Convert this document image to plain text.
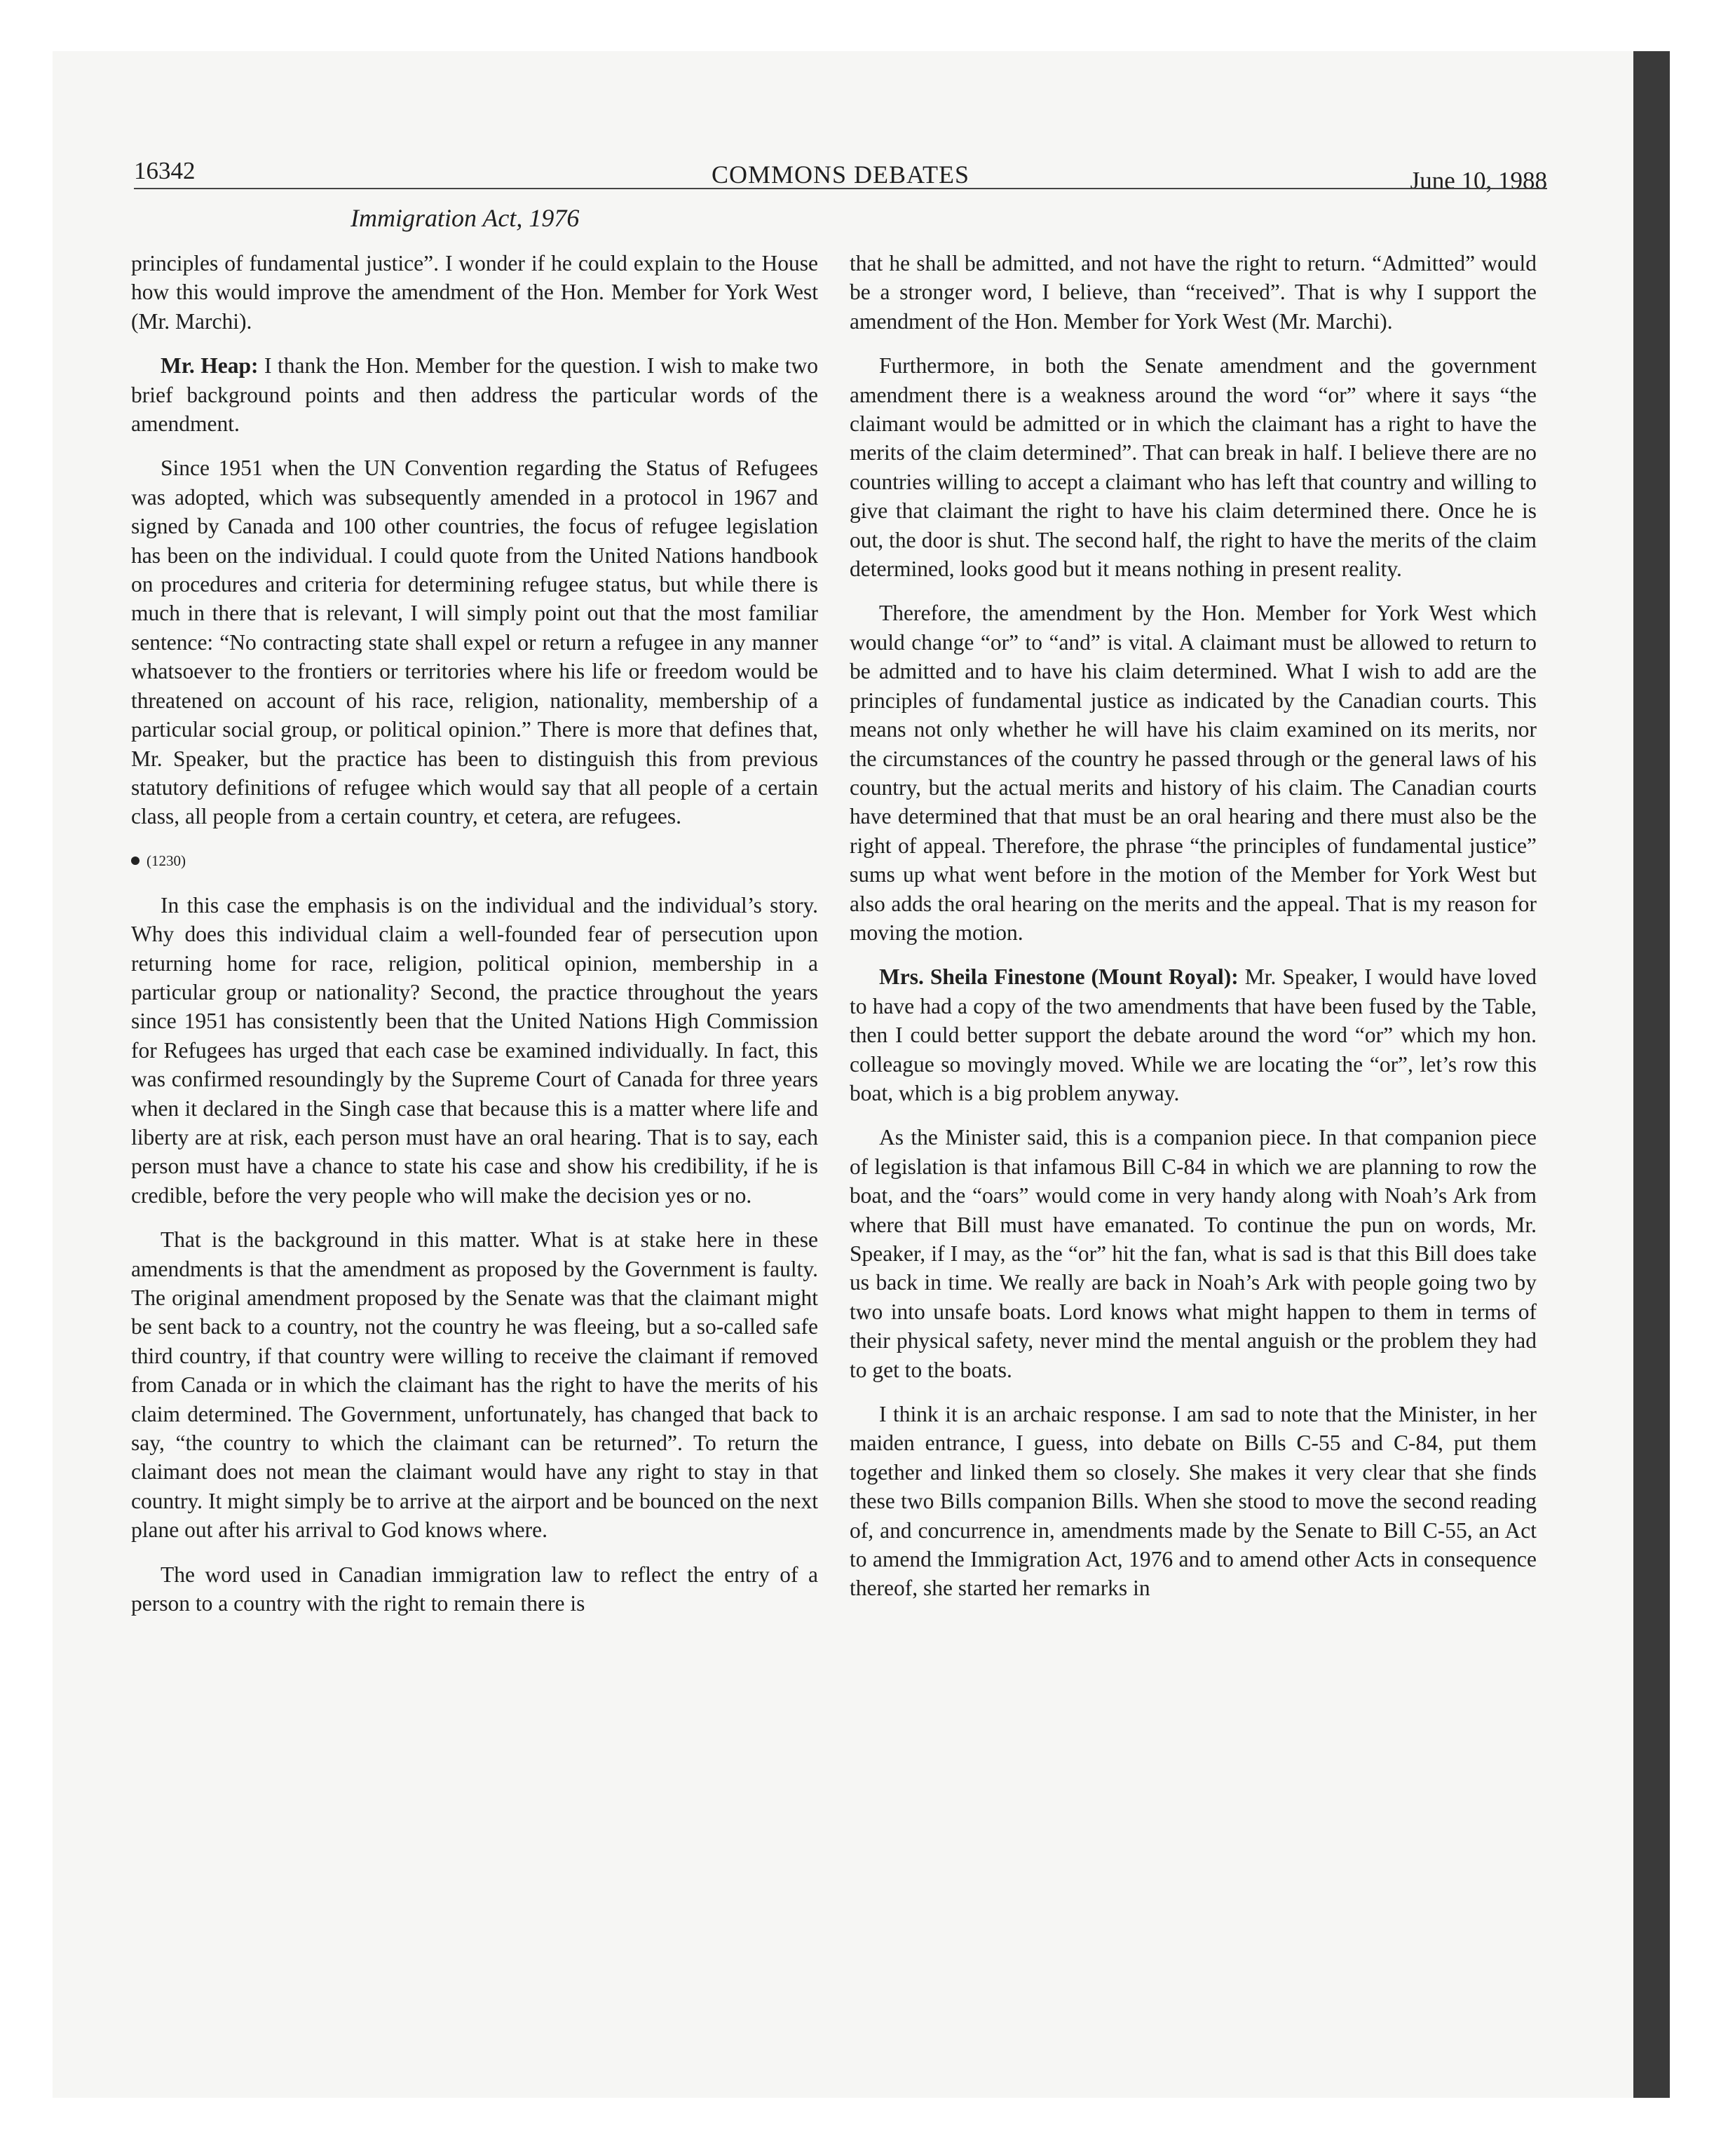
16342	COMMONS DEBATES	June 10, 1988
Immigration Act, 1976

principles of fundamental justice”. I wonder if he could explain to the House how this would improve the amendment of the Hon. Member for York West (Mr. Marchi).

Mr. Heap: I thank the Hon. Member for the question. I wish to make two brief background points and then address the particular words of the amendment.

Since 1951 when the UN Convention regarding the Status of Refugees was adopted, which was subsequently amended in a protocol in 1967 and signed by Canada and 100 other countries, the focus of refugee legislation has been on the individual. I could quote from the United Nations handbook on procedures and criteria for determining refugee status, but while there is much in there that is relevant, I will simply point out that the most familiar sentence: “No contracting state shall expel or return a refugee in any manner whatsoever to the frontiers or territories where his life or freedom would be threatened on account of his race, religion, nationality, membership of a particular social group, or political opinion.” There is more that defines that, Mr. Speaker, but the practice has been to distinguish this from previous statutory definitions of refugee which would say that all people of a certain class, all people from a certain country, et cetera, are refugees.

(1230)

In this case the emphasis is on the individual and the individual’s story. Why does this individual claim a well-founded fear of persecution upon returning home for race, religion, political opinion, membership in a particular group or nationality? Second, the practice throughout the years since 1951 has consistently been that the United Nations High Commission for Refugees has urged that each case be examined individually. In fact, this was confirmed resoundingly by the Supreme Court of Canada for three years when it declared in the Singh case that because this is a matter where life and liberty are at risk, each person must have an oral hearing. That is to say, each person must have a chance to state his case and show his credibility, if he is credible, before the very people who will make the decision yes or no.

That is the background in this matter. What is at stake here in these amendments is that the amendment as proposed by the Government is faulty. The original amendment proposed by the Senate was that the claimant might be sent back to a country, not the country he was fleeing, but a so-called safe third country, if that country were willing to receive the claimant if removed from Canada or in which the claimant has the right to have the merits of his claim determined. The Government, unfortunately, has changed that back to say, “the country to which the claimant can be returned”. To return the claimant does not mean the claimant would have any right to stay in that country. It might simply be to arrive at the airport and be bounced on the next plane out after his arrival to God knows where.

The word used in Canadian immigration law to reflect the entry of a person to a country with the right to remain there is

that he shall be admitted, and not have the right to return. “Admitted” would be a stronger word, I believe, than “received”. That is why I support the amendment of the Hon. Member for York West (Mr. Marchi).

Furthermore, in both the Senate amendment and the government amendment there is a weakness around the word “or” where it says “the claimant would be admitted or in which the claimant has a right to have the merits of the claim determined”. That can break in half. I believe there are no countries willing to accept a claimant who has left that country and willing to give that claimant the right to have his claim determined there. Once he is out, the door is shut. The second half, the right to have the merits of the claim determined, looks good but it means nothing in present reality.

Therefore, the amendment by the Hon. Member for York West which would change “or” to “and” is vital. A claimant must be allowed to return to be admitted and to have his claim determined. What I wish to add are the principles of fundamental justice as indicated by the Canadian courts. This means not only whether he will have his claim examined on its merits, nor the circumstances of the country he passed through or the general laws of his country, but the actual merits and history of his claim. The Canadian courts have determined that that must be an oral hearing and there must also be the right of appeal. Therefore, the phrase “the principles of fundamental justice” sums up what went before in the motion of the Member for York West but also adds the oral hearing on the merits and the appeal. That is my reason for moving the motion.

Mrs. Sheila Finestone (Mount Royal): Mr. Speaker, I would have loved to have had a copy of the two amendments that have been fused by the Table, then I could better support the debate around the word “or” which my hon. colleague so movingly moved. While we are locating the “or”, let’s row this boat, which is a big problem anyway.

As the Minister said, this is a companion piece. In that companion piece of legislation is that infamous Bill C-84 in which we are planning to row the boat, and the “oars” would come in very handy along with Noah’s Ark from where that Bill must have emanated. To continue the pun on words, Mr. Speaker, if I may, as the “or” hit the fan, what is sad is that this Bill does take us back in time. We really are back in Noah’s Ark with people going two by two into unsafe boats. Lord knows what might happen to them in terms of their physical safety, never mind the mental anguish or the problem they had to get to the boats.

I think it is an archaic response. I am sad to note that the Minister, in her maiden entrance, I guess, into debate on Bills C-55 and C-84, put them together and linked them so closely. She makes it very clear that she finds these two Bills companion Bills. When she stood to move the second reading of, and concurrence in, amendments made by the Senate to Bill C-55, an Act to amend the Immigration Act, 1976 and to amend other Acts in consequence thereof, she started her remarks in
